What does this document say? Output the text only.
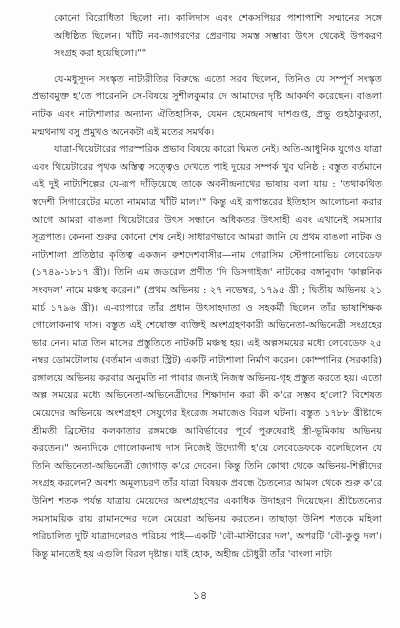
কোনো বিরোধিতা ছিলো না। কালিদাস এবং শেকসপিয়র পাশাপাশি সম্মানের সঙ্গে অধিষ্ঠিত ছিলেন। খাঁটি নব-জাগরণের প্রেরণায় সমস্ত সম্ভাব্য উৎস থেকেই উপকরণ সংগ্রহ করা হয়েছিলো।""

যে-মধুসূদন সংস্কৃত নাট্যরীতির বিরুদ্ধে এতো সরব ছিলেন, তিনিও যে সম্পূর্ণ সংস্কৃত প্রভাবমুক্ত হ'তে পারেননি সে-বিষয়ে সুশীলকুমার দে আমাদের দৃষ্টি আকর্ষণ করেছেন। বাঙলা নাটক এবং নাট্যশালার অন্যান্য ঐতিহাসিক, যেমন হেমেন্দ্রনাথ দাশগুপ্ত, প্রভু গুহঠাকুরতা, মন্মথনাথ বসু প্রমুখও অনেকটা এই মতের সমর্থক।

যাত্রা-থিয়েটারের পারস্পরিক প্রভাব বিষয়ে কারো দ্বিমত নেই। অতি-আধুনিক যুগেও যাত্রা এবং থিয়েটারের পৃথক অস্তিত্ব সত্ত্বেও দেখতে পাই দুয়ের সম্পর্ক খুব ঘনিষ্ঠ : বস্তুত বর্তমানে এই দুই নাট্যশিল্পের যে-রূপ দাঁড়িয়েছে তাকে অবনীন্দ্রনাথের ভাষায় বলা যায় : 'তথাকথিত স্বদেশী সিগারেটের মতো নামমাত্র খাঁটি মাল।'" কিন্তু এই রূপান্তরের ইতিহাস আলোচনা করার আগে আমরা বাঙলা থিয়েটারের উৎস সন্ধানে অধিকতর উৎসাহী এবং এখানেই সমস্যার সূত্রপাত। কেননা শুরুর কোনো শেষ নেই। সাধারণভাবে আমরা জানি যে প্রথম বাঙলা নাটক ও নাট্যশালা প্রতিষ্ঠার কৃতিত্ব একজন রুশদেশবাসীর—নাম গেরাসিম স্টেপানোভিচ লেবেডেফ (১৭৪৯-১৮১৭ খ্রী)। তিনি এম জডরেল প্রণীত 'দি ডিসগাইজ' নাটকের বঙ্গানুবাদ 'কাল্পনিক সংবদল' নামে মঞ্চস্থ করেন।" (প্রথম অভিনয় : ২৭ নভেম্বর, ১৭৯৫ খ্রী ; দ্বিতীয় অভিনয় ২১ মার্চ ১৭৯৬ খ্রী)। এ-ব্যাপারে তাঁর প্রধান উৎসাহদাতা ও সহকর্মী ছিলেন তাঁর ভাষাশিক্ষক গোলোকনাথ দাস। বস্তুত এই শেষোক্ত ব্যক্তিই অংশগ্রহণকারী অভিনেতা-অভিনেত্রী সংগ্রহের ভার নেন। মাত্র তিন মাসের প্রস্তুতিতে নাটকটি মঞ্চস্থ হয়। এই অল্পসময়ের মধ্যে লেবেডেফ ২৫ নম্বর ডোমটোলায় (বর্তমান এজরা স্ট্রিট) একটি নাট্যশালা নির্মাণ করেন। কোম্পানির (সরকারি) রঙ্গালয়ে অভিনয় করবার অনুমতি না পাবার জন্যই নিজস্ব অভিনয়-গৃহ প্রস্তুত করতে হয়। এতো অল্প সময়ের মধ্যে অভিনেতা-অভিনেত্রীদের শিক্ষাদান করা কী ক'রে সম্ভব হ'লো? বিশেষত মেয়েদের অভিনয়ে অংশগ্রহণ সেযুগের ইংরেজ সমাজেও বিরল ঘটনা। বস্তুত ১৭৮৮ খ্রীষ্টাব্দে শ্রীমতী ব্রিস্টোর কলকাতার রঙ্গমঞ্চে আবির্ভাবের পূর্বে পুরুষেরাই স্ত্রী-ভূমিকায় অভিনয় করতেন।" অন্যদিকে গোলোকনাথ দাস নিজেই উদ্যোগী হ'য়ে লেবেডেফকে বলেছিলেন যে তিনি অভিনেতা-অভিনেত্রী জোগাড় ক'রে দেবেন। কিন্তু তিনি কোথা থেকে অভিনয়-শিল্পীদের সংগ্রহ করলেন? অবশ্য অমূল্যচরণ তাঁর যাত্রা বিষয়ক প্রবন্ধে চৈতন্যের আমল থেকে শুরু ক'রে উনিশ শতক পর্যন্ত যাত্রায় মেয়েদের অংশগ্রহণের একাধিক উদাহরণ দিয়েছেন। শ্রীচৈতন্যের সমসাময়িক রায় রামানন্দের দলে মেয়েরা অভিনয় করতেন। তাছাড়া উনিশ শতকে মহিলা পরিচালিত দুটি যাত্রাদলেরও পরিচয় পাই—একটি 'বৌ-মাস্টারের দল', অপরটি 'বৌ-কুণ্ডু দল'। কিন্তু মানতেই হয় এগুলি বিরল দৃষ্টান্ত। যাই হোক, অহীন্দ্র চৌধুরী তাঁর 'বাংলা নাট্য

১৪
